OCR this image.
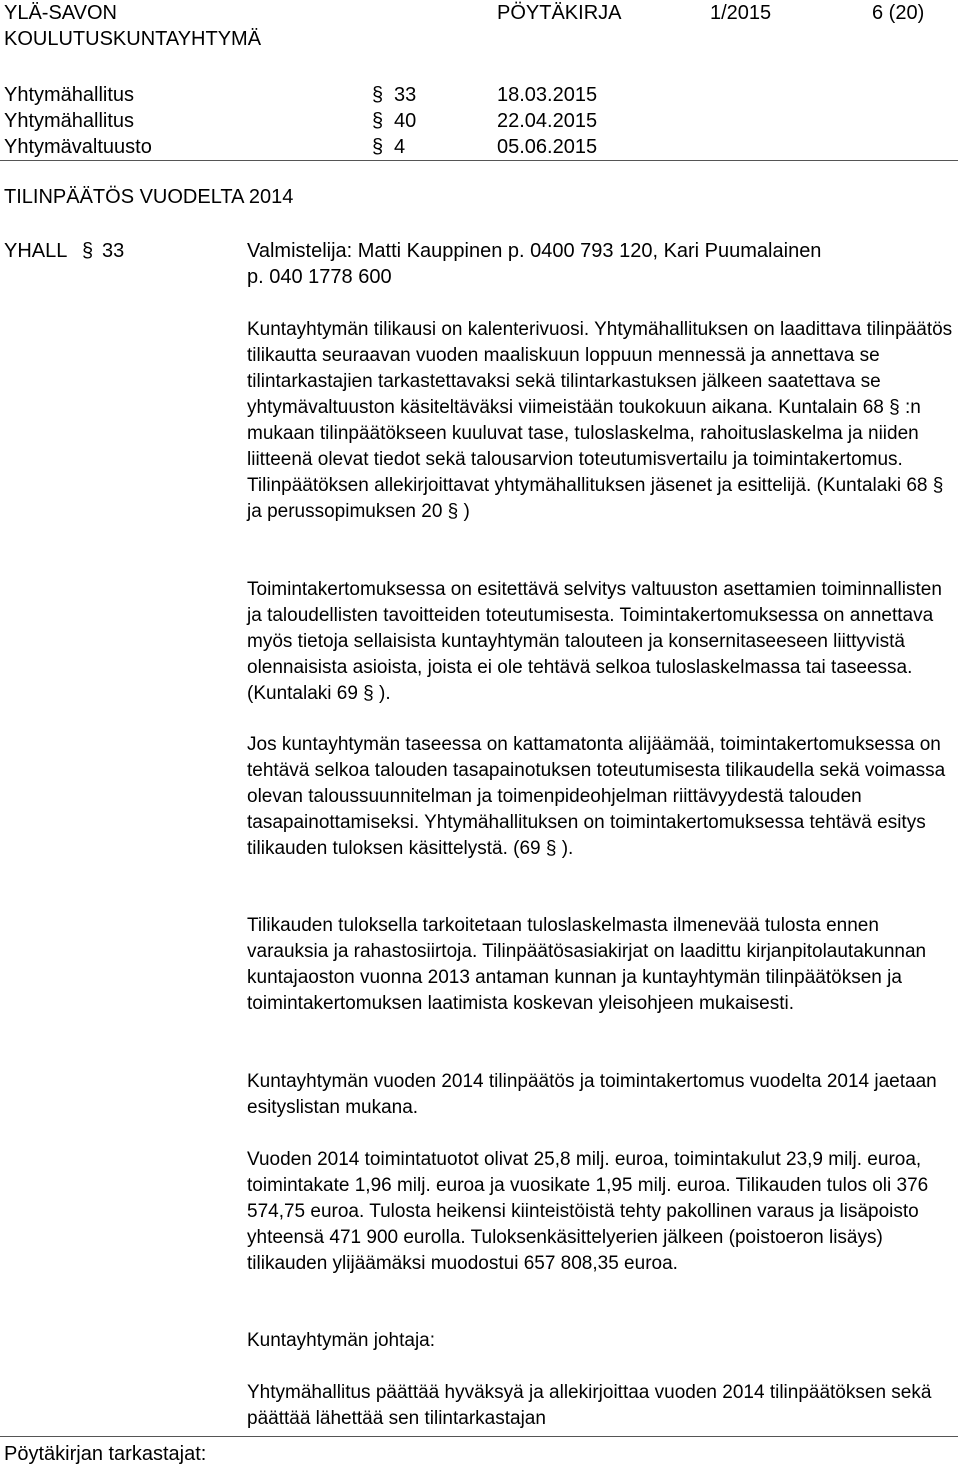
YLÄ-SAVON
KOULUTUSKUNTAYHTYMÄ
PÖYTÄKIRJA	1/2015	6 (20)
Yhtymähallitus	§ 33	18.03.2015
Yhtymähallitus	§ 40	22.04.2015
Yhtymävaltuusto	§ 4	05.06.2015
TILINPÄÄTÖS VUODELTA 2014
YHALL § 33	Valmistelija: Matti Kauppinen p. 0400 793 120, Kari Puumalainen
p. 040 1778 600

Kuntayhtymän tilikausi on kalenterivuosi. Yhtymähallituksen on laadittava tilinpäätös tilikautta seuraavan vuoden maaliskuun loppuun mennessä ja annettava se tilintarkastajien tarkastettavaksi sekä tilintarkastuksen jälkeen saatettava se yhtymävaltuuston käsiteltäväksi viimeistään toukokuun aikana. Kuntalain 68 § :n mukaan tilinpäätökseen kuuluvat tase, tuloslaskelma, rahoituslaskelma ja niiden liitteenä olevat tiedot sekä talousarvion toteutumisvertailu ja toimintakertomus. Tilinpäätöksen allekirjoittavat yhtymähallituksen jäsenet ja esittelijä. (Kuntalaki 68 § ja perussopimuksen 20 § )

Toimintakertomuksessa on esitettävä selvitys valtuuston asettamien toiminnallisten ja taloudellisten tavoitteiden toteutumisesta. Toimintakertomuksessa on annettava myös tietoja sellaisista kuntayhtymän talouteen ja konsernitaseeseen liittyvistä olennaisista asioista, joista ei ole tehtävä selkoa tuloslaskelmassa tai taseessa. (Kuntalaki 69 § ).

Jos kuntayhtymän taseessa on kattamatonta alijäämää, toimintakertomuksessa on tehtävä selkoa talouden tasapainotuksen toteutumisesta tilikaudella sekä voimassa olevan taloussuunnitelman ja toimenpideohjelman riittävyydestä talouden tasapainottamiseksi. Yhtymähallituksen on toimintakertomuksessa tehtävä esitys tilikauden tuloksen käsittelystä. (69 § ).

Tilikauden tuloksella tarkoitetaan tuloslaskelmasta ilmenevää tulosta ennen varauksia ja rahastosiirtoja. Tilinpäätösasiakirjat on laadittu kirjanpitolautakunnan kuntajaoston vuonna 2013 antaman kunnan ja kuntayhtymän tilinpäätöksen ja toimintakertomuksen laatimista koskevan yleisohjeen mukaisesti.

Kuntayhtymän vuoden 2014 tilinpäätös ja toimintakertomus vuodelta 2014 jaetaan esityslistan mukana.

Vuoden 2014 toimintatuotot olivat 25,8 milj. euroa, toimintakulut 23,9 milj. euroa, toimintakate 1,96 milj. euroa ja vuosikate 1,95 milj. euroa. Tilikauden tulos oli 376 574,75 euroa. Tulosta heikensi kiinteistöistä tehty pakollinen varaus ja lisäpoisto yhteensä 471 900 eurolla. Tuloksenkäsittelyerien jälkeen (poistoeron lisäys) tilikauden ylijäämäksi muodostui 657 808,35 euroa.

Kuntayhtymän johtaja:

Yhtymähallitus päättää hyväksyä ja allekirjoittaa vuoden 2014 tilinpäätöksen sekä päättää lähettää sen tilintarkastajan

Pöytäkirjan tarkastajat:
